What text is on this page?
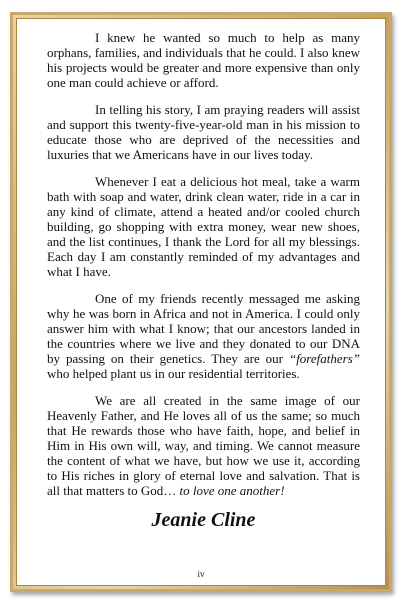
I knew he wanted so much to help as many orphans, families, and individuals that he could. I also knew his projects would be greater and more expensive than only one man could achieve or afford.

In telling his story, I am praying readers will assist and support this twenty-five-year-old man in his mission to educate those who are deprived of the necessities and luxuries that we Americans have in our lives today.

Whenever I eat a delicious hot meal, take a warm bath with soap and water, drink clean water, ride in a car in any kind of climate, attend a heated and/or cooled church building, go shopping with extra money, wear new shoes, and the list continues, I thank the Lord for all my blessings. Each day I am constantly reminded of my advantages and what I have.

One of my friends recently messaged me asking why he was born in Africa and not in America. I could only answer him with what I know; that our ancestors landed in the countries where we live and they donated to our DNA by passing on their genetics. They are our “forefathers” who helped plant us in our residential territories.

We are all created in the same image of our Heavenly Father, and He loves all of us the same; so much that He rewards those who have faith, hope, and belief in Him in His own will, way, and timing. We cannot measure the content of what we have, but how we use it, according to His riches in glory of eternal love and salvation. That is all that matters to God… to love one another!

Jeanie Cline
iv
